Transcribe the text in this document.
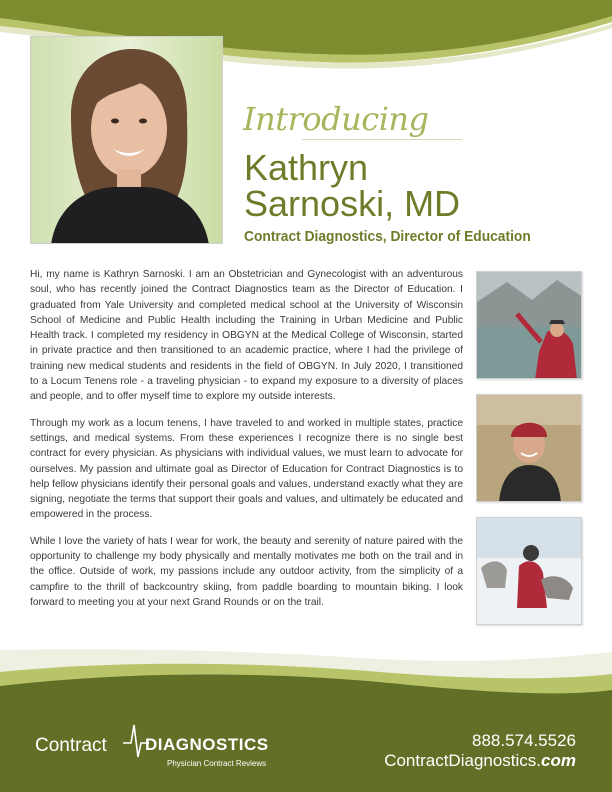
Introducing
Kathryn
Sarnoski, MD
Contract Diagnostics, Director of Education

Hi, my name is Kathryn Sarnoski. I am an Obstetrician and Gynecologist with an adventurous soul, who has recently joined the Contract Diagnostics team as the Director of Education. I graduated from Yale University and completed medical school at the University of Wisconsin School of Medicine and Public Health including the Training in Urban Medicine and Public Health track. I completed my residency in OBGYN at the Medical College of Wisconsin, started in private practice and then transitioned to an academic practice, where I had the privilege of training new medical students and residents in the field of OBGYN. In July 2020, I transitioned to a Locum Tenens role - a traveling physician - to expand my exposure to a diversity of places and people, and to offer myself time to explore my outside interests.

Through my work as a locum tenens, I have traveled to and worked in multiple states, practice settings, and medical systems. From these experiences I recognize there is no single best contract for every physician. As physicians with individual values, we must learn to advocate for ourselves. My passion and ultimate goal as Director of Education for Contract Diagnostics is to help fellow physicians identify their personal goals and values, understand exactly what they are signing, negotiate the terms that support their goals and values, and ultimately be educated and empowered in the process.

While I love the variety of hats I wear for work, the beauty and serenity of nature paired with the opportunity to challenge my body physically and mentally motivates me both on the trail and in the office. Outside of work, my passions include any outdoor activity, from the simplicity of a campfire to the thrill of backcountry skiing, from paddle boarding to mountain biking. I look forward to meeting you at your next Grand Rounds or on the trail.

Contract DIAGNOSTICS
Physician Contract Reviews
888.574.5526
ContractDiagnostics.com
